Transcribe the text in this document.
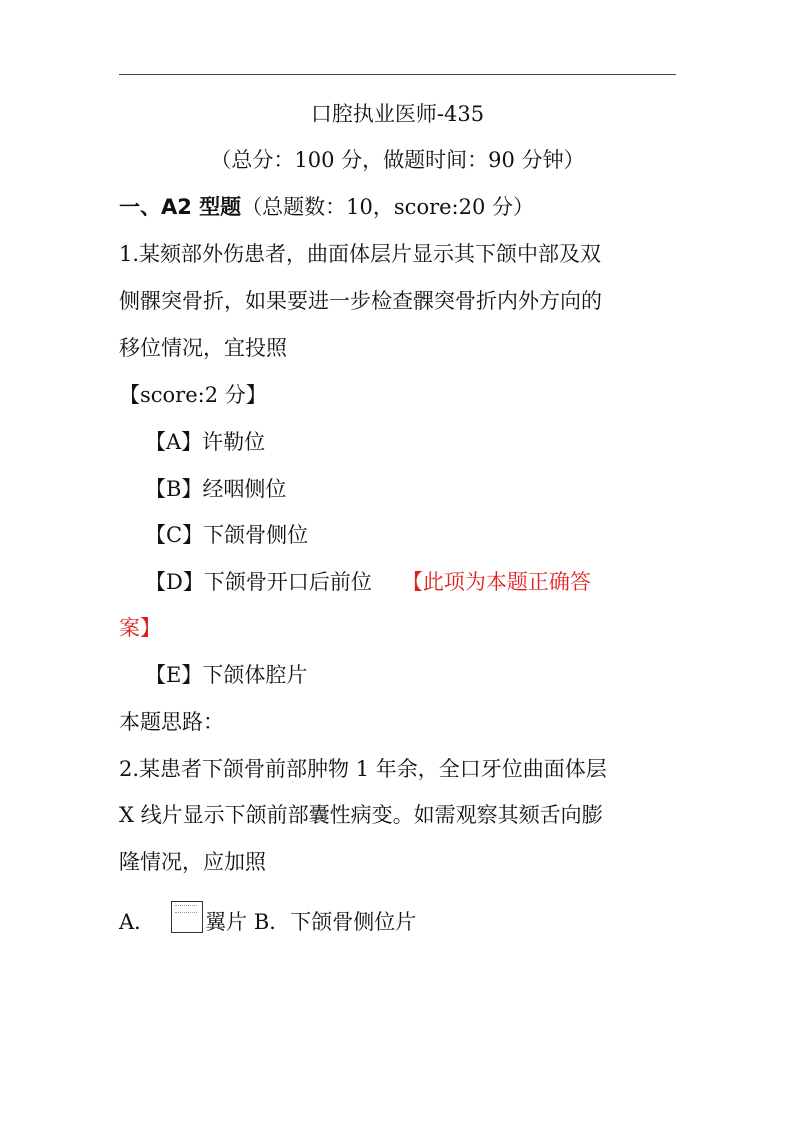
口腔执业医师-435
（总分：100 分，做题时间：90 分钟）
一、A2 型题（总题数：10，score:20 分）
1.某颏部外伤患者，曲面体层片显示其下颌中部及双
侧髁突骨折，如果要进一步检查髁突骨折内外方向的
移位情况，宜投照
【score:2 分】
【A】许勒位
【B】经咽侧位
【C】下颌骨侧位
【D】下颌骨开口后前位 【此项为本题正确答
案】
【E】下颌体腔片
本题思路：
2.某患者下颌骨前部肿物 1 年余，全口牙位曲面体层
X 线片显示下颌前部囊性病变。如需观察其颏舌向膨
隆情况，应加照
A． 翼片 B．下颌骨侧位片
